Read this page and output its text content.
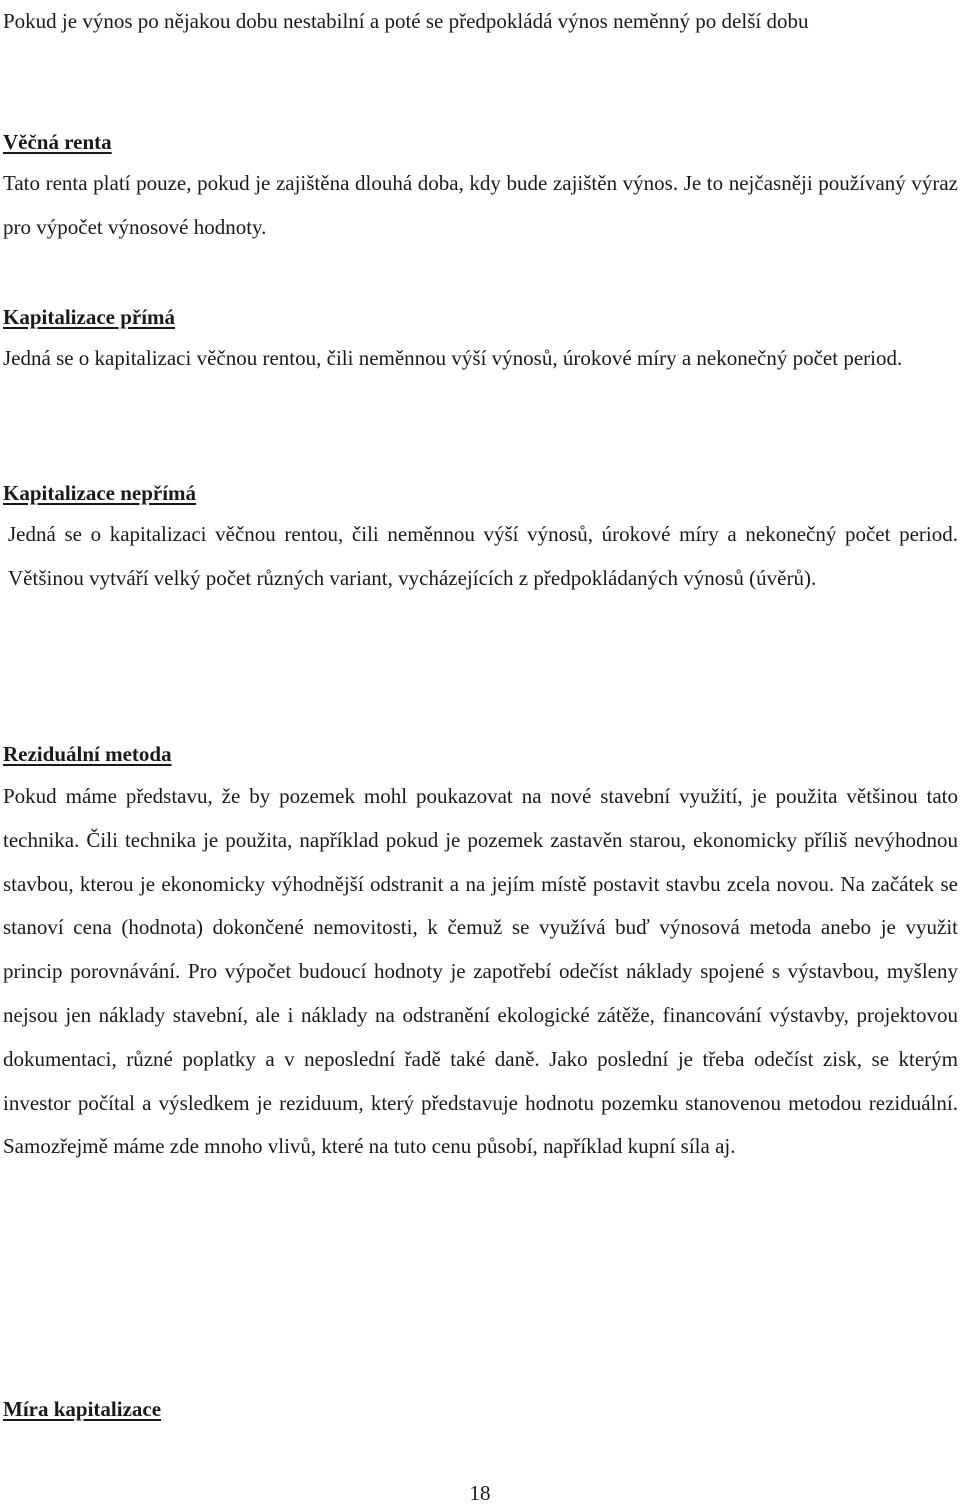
Pokud je výnos po nějakou dobu nestabilní a poté se předpokládá výnos neměnný po delší dobu

Věčná renta

Tato renta platí pouze, pokud je zajištěna dlouhá doba, kdy bude zajištěn výnos. Je to nejčasněji používaný výraz pro výpočet výnosové hodnoty.

Kapitalizace přímá

Jedná se o kapitalizaci věčnou rentou, čili neměnnou výší výnosů, úrokové míry a nekonečný počet period.

Kapitalizace nepřímá

Jedná se o kapitalizaci věčnou rentou, čili neměnnou výší výnosů, úrokové míry a nekonečný počet period. Většinou vytváří velký počet různých variant, vycházejících z předpokládaných výnosů (úvěrů).

Reziduální metoda

Pokud máme představu, že by pozemek mohl poukazovat na nové stavební využití, je použita většinou tato technika. Čili technika je použita, například pokud je pozemek zastavěn starou, ekonomicky příliš nevýhodnou stavbou, kterou je ekonomicky výhodnější odstranit a na jejím místě postavit stavbu zcela novou. Na začátek se stanoví cena (hodnota) dokončené nemovitosti, k čemuž se využívá buď výnosová metoda anebo je využit princip porovnávání. Pro výpočet budoucí hodnoty je zapotřebí odečíst náklady spojené s výstavbou, myšleny nejsou jen náklady stavební, ale i náklady na odstranění ekologické zátěže, financování výstavby, projektovou dokumentaci, různé poplatky a v neposlední řadě také daně. Jako poslední je třeba odečíst zisk, se kterým investor počítal a výsledkem je reziduum, který představuje hodnotu pozemku stanovenou metodou reziduální. Samozřejmě máme zde mnoho vlivů, které na tuto cenu působí, například kupní síla aj.

Míra kapitalizace
18
